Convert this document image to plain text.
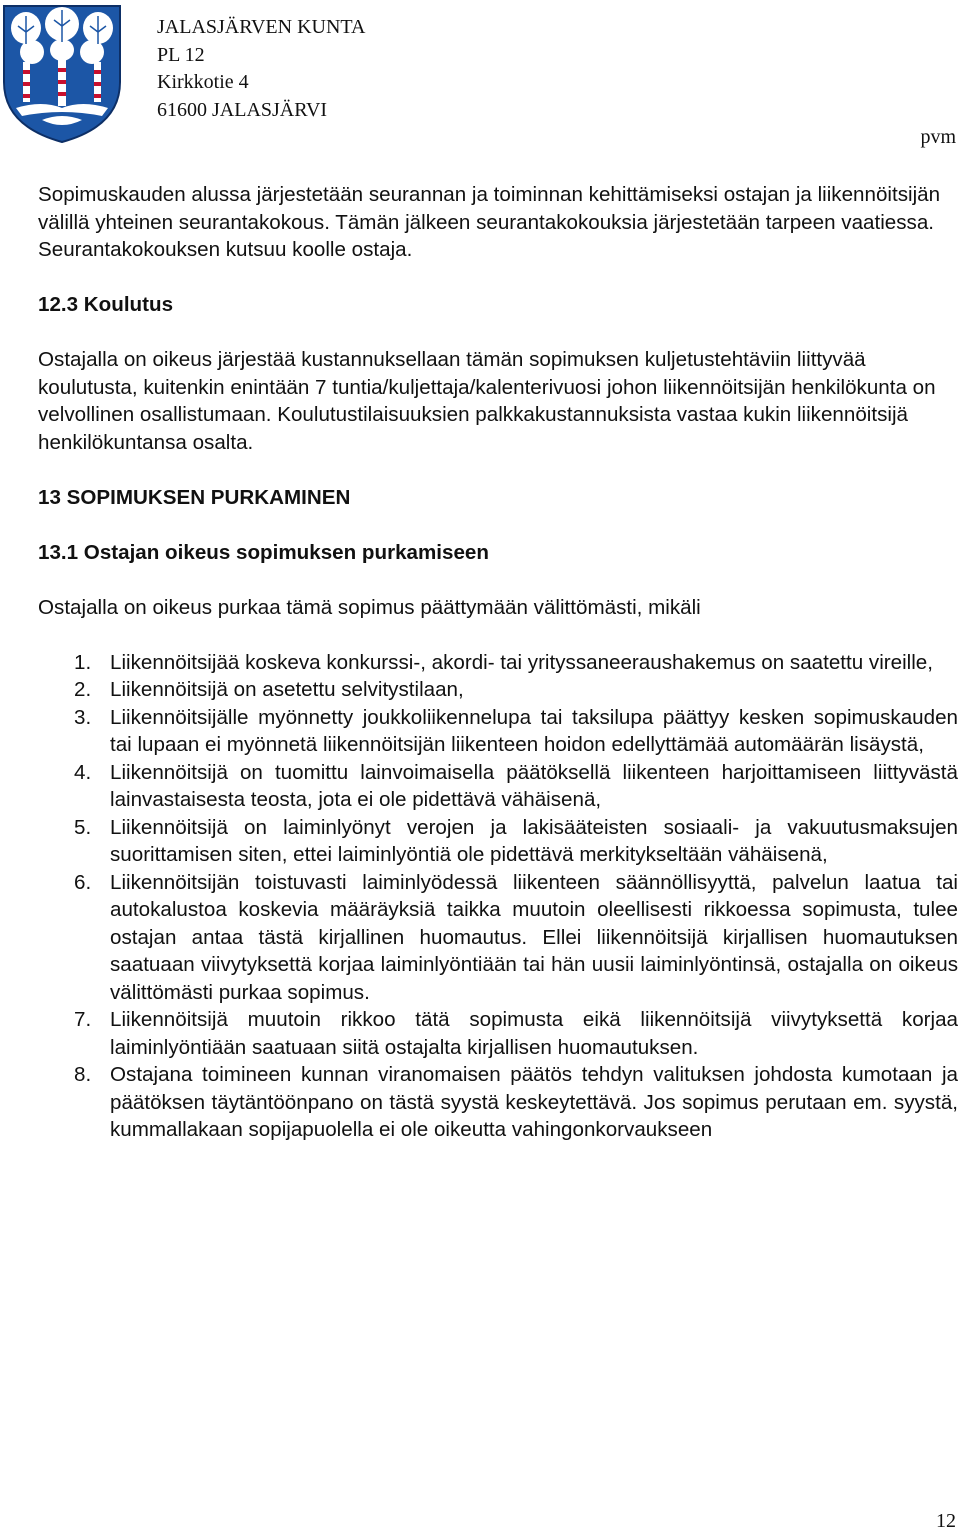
JALASJÄRVEN KUNTA
PL 12
Kirkkotie 4
61600 JALASJÄRVI
pvm

Sopimuskauden alussa järjestetään seurannan ja toiminnan kehittämiseksi ostajan ja liikennöitsijän välillä yhteinen seurantakokous. Tämän jälkeen seurantakokouksia järjestetään tarpeen vaatiessa. Seurantakokouksen kutsuu koolle ostaja.

12.3 Koulutus

Ostajalla on oikeus järjestää kustannuksellaan tämän sopimuksen kuljetustehtäviin liittyvää koulutusta, kuitenkin enintään 7 tuntia/kuljettaja/kalenterivuosi johon liikennöitsijän henkilökunta on velvollinen osallistumaan. Koulutustilaisuuksien palkkakustannuksista vastaa kukin liikennöitsijä henkilökuntansa osalta.

13 SOPIMUKSEN PURKAMINEN
13.1 Ostajan oikeus sopimuksen purkamiseen

Ostajalla on oikeus purkaa tämä sopimus päättymään välittömästi, mikäli

1. Liikennöitsijää koskeva konkurssi-, akordi- tai yrityssaneeraushakemus on saatettu vireille,
2. Liikennöitsijä on asetettu selvitystilaan,
3. Liikennöitsijälle myönnetty joukkoliikennelupa tai taksilupa päättyy kesken sopimuskauden tai lupaan ei myönnetä liikennöitsijän liikenteen hoidon edellyttämää automäärän lisäystä,
4. Liikennöitsijä on tuomittu lainvoimaisella päätöksellä liikenteen harjoittamiseen liittyvästä lainvastaisesta teosta, jota ei ole pidettävä vähäisenä,
5. Liikennöitsijä on laiminlyönyt verojen ja lakisääteisten sosiaali- ja vakuutusmaksujen suorittamisen siten, ettei laiminlyöntiä ole pidettävä merkitykseltään vähäisenä,
6. Liikennöitsijän toistuvasti laiminlyödessä liikenteen säännöllisyyttä, palvelun laatua tai autokalustoa koskevia määräyksiä taikka muutoin oleellisesti rikkoessa sopimusta, tulee ostajan antaa tästä kirjallinen huomautus. Ellei liikennöitsijä kirjallisen huomautuksen saatuaan viivytyksettä korjaa laiminlyöntiään tai hän uusii laiminlyöntinsä, ostajalla on oikeus välittömästi purkaa sopimus.
7. Liikennöitsijä muutoin rikkoo tätä sopimusta eikä liikennöitsijä viivytyksettä korjaa laiminlyöntiään saatuaan siitä ostajalta kirjallisen huomautuksen.
8. Ostajana toimineen kunnan viranomaisen päätös tehdyn valituksen johdosta kumotaan ja päätöksen täytäntöönpano on tästä syystä keskeytettävä. Jos sopimus perutaan em. syystä, kummallakaan sopijapuolella ei ole oikeutta vahingonkorvaukseen
12
